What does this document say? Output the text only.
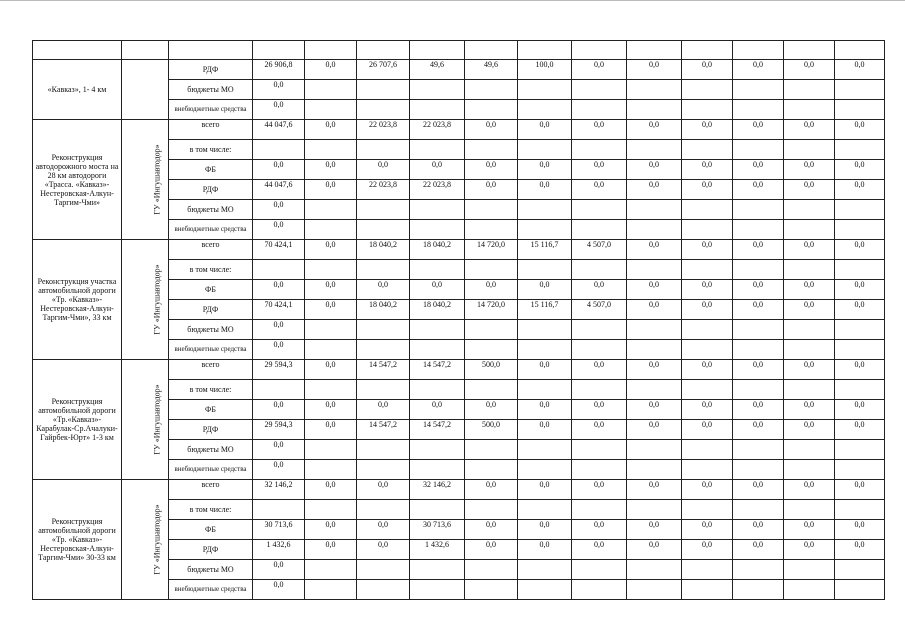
«Кавказ», 1- 4 км		РДФ	26 906,8	0,0	26 707,6	49,6	49,6	100,0	0,0	0,0	0,0	0,0	0,0	0,0
		бюджеты МО	0,0											
		внебюджетные средства	0,0											
Реконструкция автодорожного моста на 28 км автодороги «Трасса. «Кавказ»-Нестеровская-Алкун-Таргим-Чми»	ГУ «Ингушавтодор»	всего	44 047,6	0,0	22 023,8	22 023,8	0,0	0,0	0,0	0,0	0,0	0,0	0,0	0,0
		в том числе:												
		ФБ	0,0	0,0	0,0	0,0	0,0	0,0	0,0	0,0	0,0	0,0	0,0	0,0
		РДФ	44 047,6	0,0	22 023,8	22 023,8	0,0	0,0	0,0	0,0	0,0	0,0	0,0	0,0
		бюджеты МО	0,0											
		внебюджетные средства	0,0											
Реконструкция участка автомобильной дороги «Тр. «Кавказ»-Нестеровская-Алкун-Таргим-Чми», 33 км	ГУ «Ингушавтодор»	всего	70 424,1	0,0	18 040,2	18 040,2	14 720,0	15 116,7	4 507,0	0,0	0,0	0,0	0,0	0,0
		в том числе:												
		ФБ	0,0	0,0	0,0	0,0	0,0	0,0	0,0	0,0	0,0	0,0	0,0	0,0
		РДФ	70 424,1	0,0	18 040,2	18 040,2	14 720,0	15 116,7	4 507,0	0,0	0,0	0,0	0,0	0,0
		бюджеты МО	0,0											
		внебюджетные средства	0,0											
Реконструкция автомобильной дороги «Тр.«Кавказ»-Карабулак-Ср.Ачалуки-Гайрбек-Юрт» 1-3 км	ГУ «Ингушавтодор»	всего	29 594,3	0,0	14 547,2	14 547,2	500,0	0,0	0,0	0,0	0,0	0,0	0,0	0,0
		в том числе:												
		ФБ	0,0	0,0	0,0	0,0	0,0	0,0	0,0	0,0	0,0	0,0	0,0	0,0
		РДФ	29 594,3	0,0	14 547,2	14 547,2	500,0	0,0	0,0	0,0	0,0	0,0	0,0	0,0
		бюджеты МО	0,0											
		внебюджетные средства	0,0											
Реконструкция автомобильной дороги «Тр. «Кавказ»-Нестеровская-Алкун-Таргим-Чми» 30-33 км	ГУ «Ингушавтодор»	всего	32 146,2	0,0	0,0	32 146,2	0,0	0,0	0,0	0,0	0,0	0,0	0,0	0,0
		в том числе:												
		ФБ	30 713,6	0,0	0,0	30 713,6	0,0	0,0	0,0	0,0	0,0	0,0	0,0	0,0
		РДФ	1 432,6	0,0	0,0	1 432,6	0,0	0,0	0,0	0,0	0,0	0,0	0,0	0,0
		бюджеты МО	0,0											
		внебюджетные средства	0,0											
